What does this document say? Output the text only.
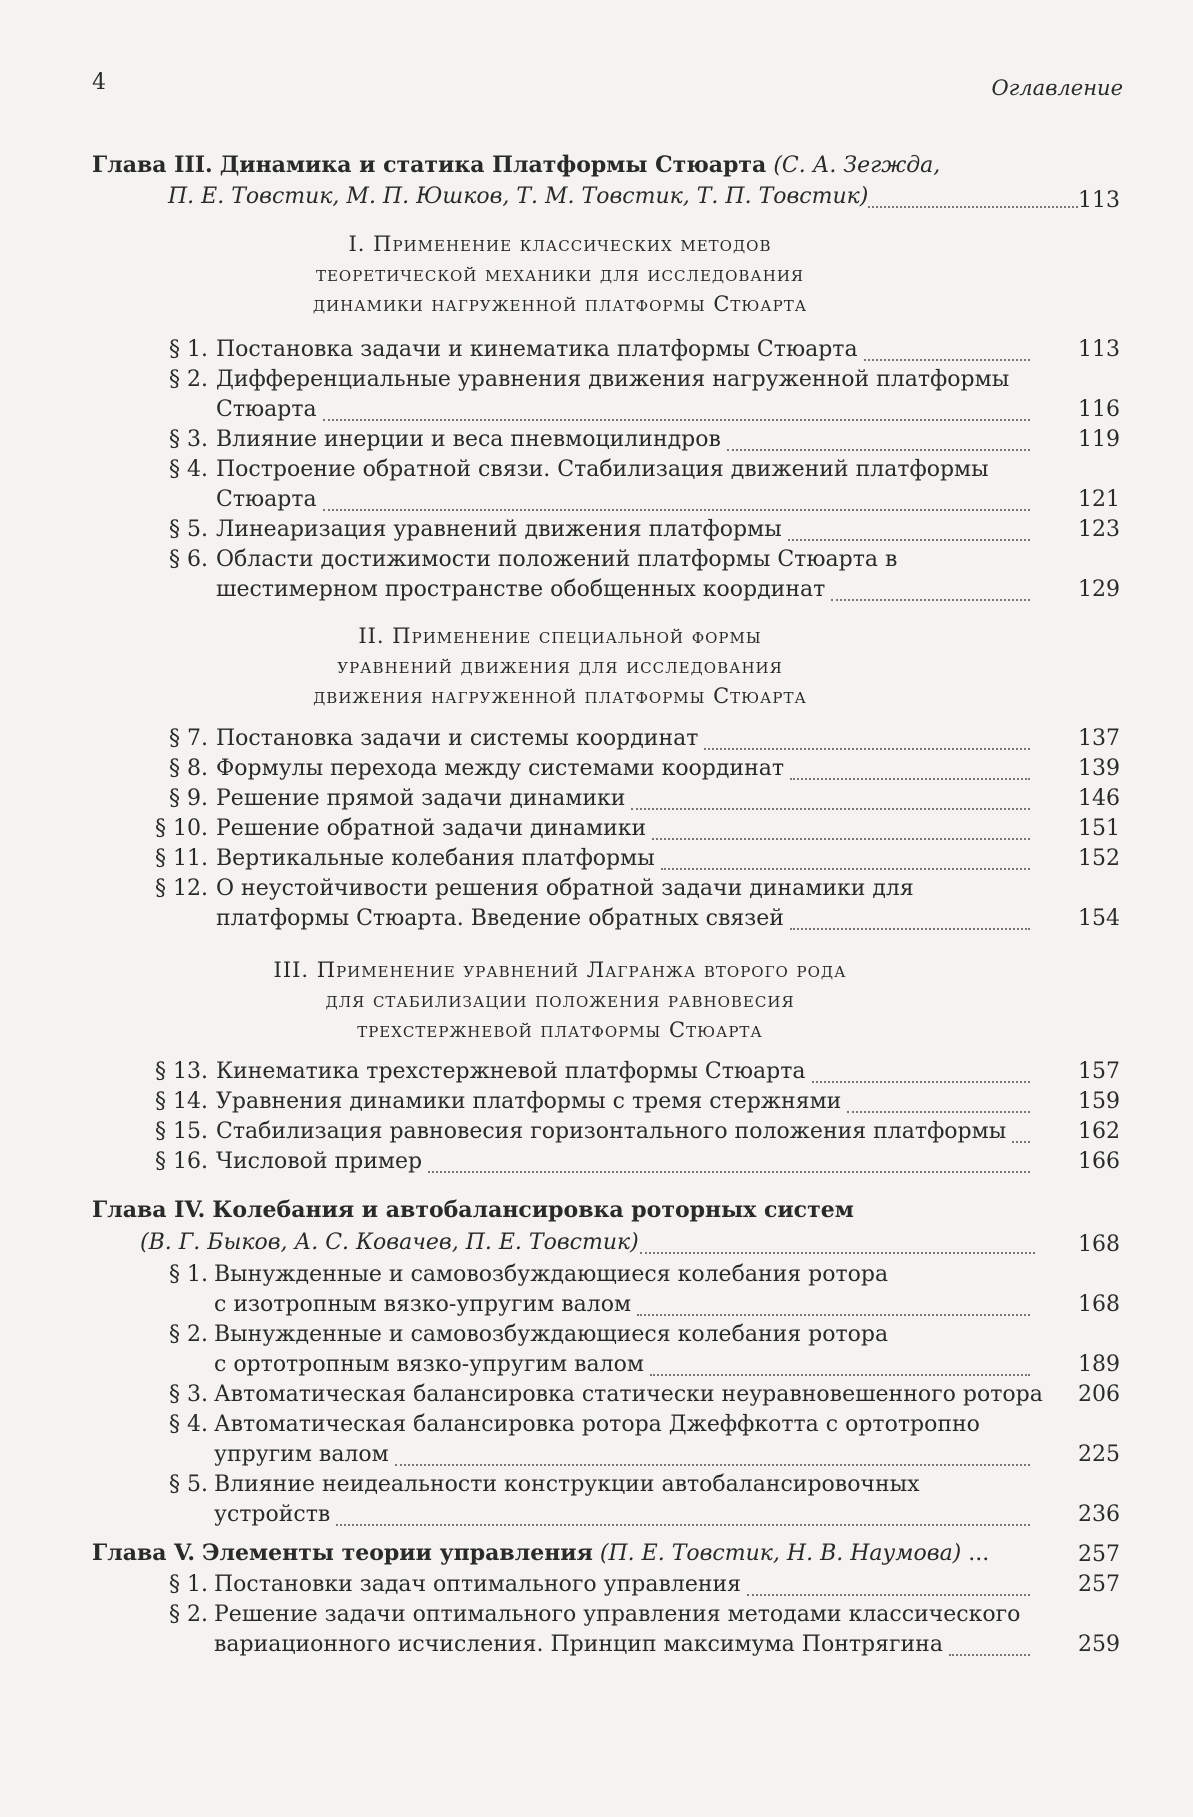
4	Оглавление
Глава III. Динамика и статика Платформы Стюарта (С. А. Зегжда,
П. Е. Товстик, М. П. Юшков, Т. М. Товстик, Т. П. Товстик)	113
I. Применение классических методов
теоретической механики для исследования
динамики нагруженной платформы Стюарта
II. Применение специальной формы
уравнений движения для исследования
движения нагруженной платформы Стюарта
III. Применение уравнений Лагранжа второго рода
для стабилизации положения равновесия
трехстержневой платформы Стюарта
§ 1. Постановка задачи и кинематика платформы Стюарта	113
§ 2. Дифференциальные уравнения движения нагруженной платформы
Стюарта	116
§ 3. Влияние инерции и веса пневмоцилиндров	119
§ 4. Построение обратной связи. Стабилизация движений платформы
Стюарта	121
§ 5. Линеаризация уравнений движения платформы	123
§ 6. Области достижимости положений платформы Стюарта в
шестимерном пространстве обобщенных координат	129
§ 7. Постановка задачи и системы координат	137
§ 8. Формулы перехода между системами координат	139
§ 9. Решение прямой задачи динамики	146
§ 10. Решение обратной задачи динамики	151
§ 11. Вертикальные колебания платформы	152
§ 12. О неустойчивости решения обратной задачи динамики для
платформы Стюарта. Введение обратных связей	154
§ 13. Кинематика трехстержневой платформы Стюарта	157
§ 14. Уравнения динамики платформы с тремя стержнями	159
§ 15. Стабилизация равновесия горизонтального положения платформы	162
§ 16. Числовой пример	166
Глава IV. Колебания и автобалансировка роторных систем
(В. Г. Быков, А. С. Ковачев, П. Е. Товстик)	168
§ 1. Вынужденные и самовозбуждающиеся колебания ротора
с изотропным вязко-упругим валом	168
§ 2. Вынужденные и самовозбуждающиеся колебания ротора
с ортотропным вязко-упругим валом	189
§ 3. Автоматическая балансировка статически неуравновешенного ротора	206
§ 4. Автоматическая балансировка ротора Джеффкотта с ортотропно
упругим валом	225
§ 5. Влияние неидеальности конструкции автобалансировочных
устройств	236
Глава V. Элементы теории управления (П. Е. Товстик, Н. В. Наумова) ...	257
§ 1. Постановки задач оптимального управления	257
§ 2. Решение задачи оптимального управления методами классического
вариационного исчисления. Принцип максимума Понтрягина	259
